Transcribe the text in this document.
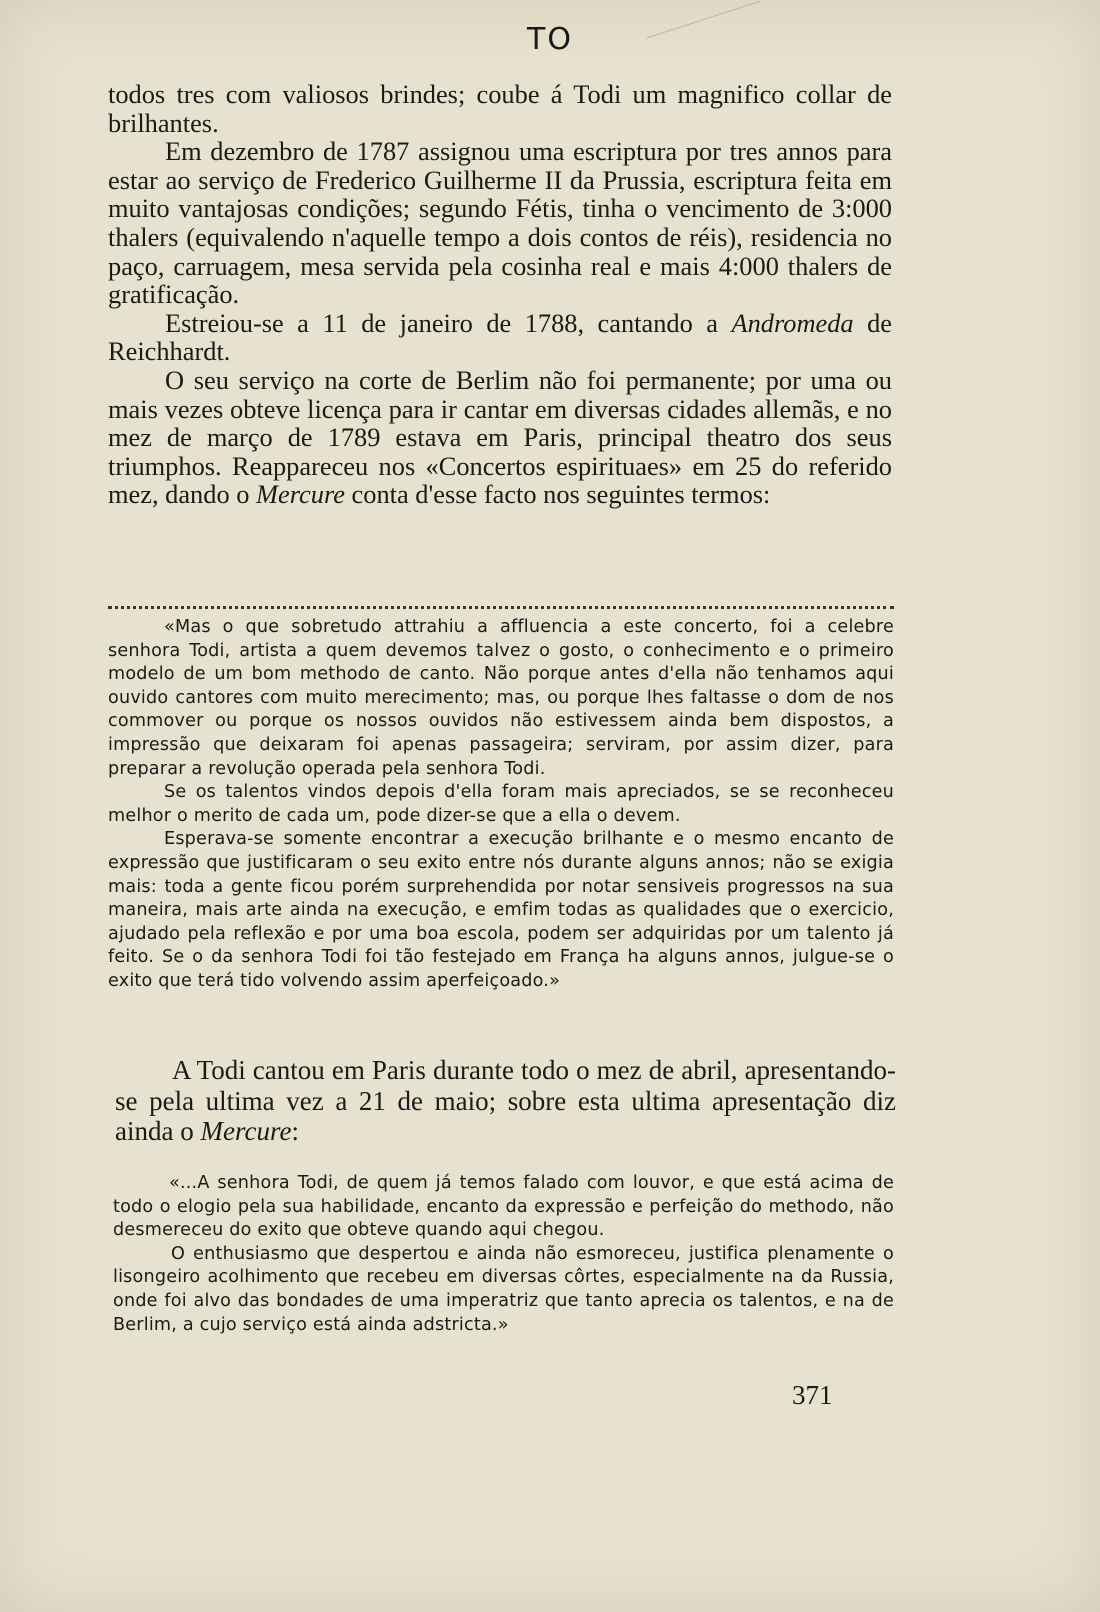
TO

todos tres com valiosos brindes; coube á Todi um magnifico collar de brilhantes.

Em dezembro de 1787 assignou uma escriptura por tres annos para estar ao serviço de Frederico Guilherme II da Prussia, escriptura feita em muito vantajosas condições; segundo Fétis, tinha o vencimento de 3:000 thalers (equivalendo n'aquelle tempo a dois contos de réis), residencia no paço, carruagem, mesa servida pela cosinha real e mais 4:000 thalers de gratificação.

Estreiou-se a 11 de janeiro de 1788, cantando a Andromeda de Reichhardt.

O seu serviço na corte de Berlim não foi permanente; por uma ou mais vezes obteve licença para ir cantar em diversas cidades allemãs, e no mez de março de 1789 estava em Paris, principal theatro dos seus triumphos. Reappareceu nos «Concertos espirituaes» em 25 do referido mez, dando o Mercure conta d'esse facto nos seguintes termos:

«Mas o que sobretudo attrahiu a affluencia a este concerto, foi a celebre senhora Todi, artista a quem devemos talvez o gosto, o conhecimento e o primeiro modelo de um bom methodo de canto. Não porque antes d'ella não tenhamos aqui ouvido cantores com muito merecimento; mas, ou porque lhes faltasse o dom de nos commover ou porque os nossos ouvidos não estivessem ainda bem dispostos, a impressão que deixaram foi apenas passageira; serviram, por assim dizer, para preparar a revolução operada pela senhora Todi.

Se os talentos vindos depois d'ella foram mais apreciados, se se reconheceu melhor o merito de cada um, pode dizer-se que a ella o devem.

Esperava-se somente encontrar a execução brilhante e o mesmo encanto de expressão que justificaram o seu exito entre nós durante alguns annos; não se exigia mais: toda a gente ficou porém surprehendida por notar sensiveis progressos na sua maneira, mais arte ainda na execução, e emfim todas as qualidades que o exercicio, ajudado pela reflexão e por uma boa escola, podem ser adquiridas por um talento já feito. Se o da senhora Todi foi tão festejado em França ha alguns annos, julgue-se o exito que terá tido volvendo assim aperfeiçoado.»

A Todi cantou em Paris durante todo o mez de abril, apresentando-se pela ultima vez a 21 de maio; sobre esta ultima apresentação diz ainda o Mercure:

«...A senhora Todi, de quem já temos falado com louvor, e que está acima de todo o elogio pela sua habilidade, encanto da expressão e perfeição do methodo, não desmereceu do exito que obteve quando aqui chegou.

O enthusiasmo que despertou e ainda não esmoreceu, justifica plenamente o lisongeiro acolhimento que recebeu em diversas côrtes, especialmente na da Russia, onde foi alvo das bondades de uma imperatriz que tanto aprecia os talentos, e na de Berlim, a cujo serviço está ainda adstricta.»

371
